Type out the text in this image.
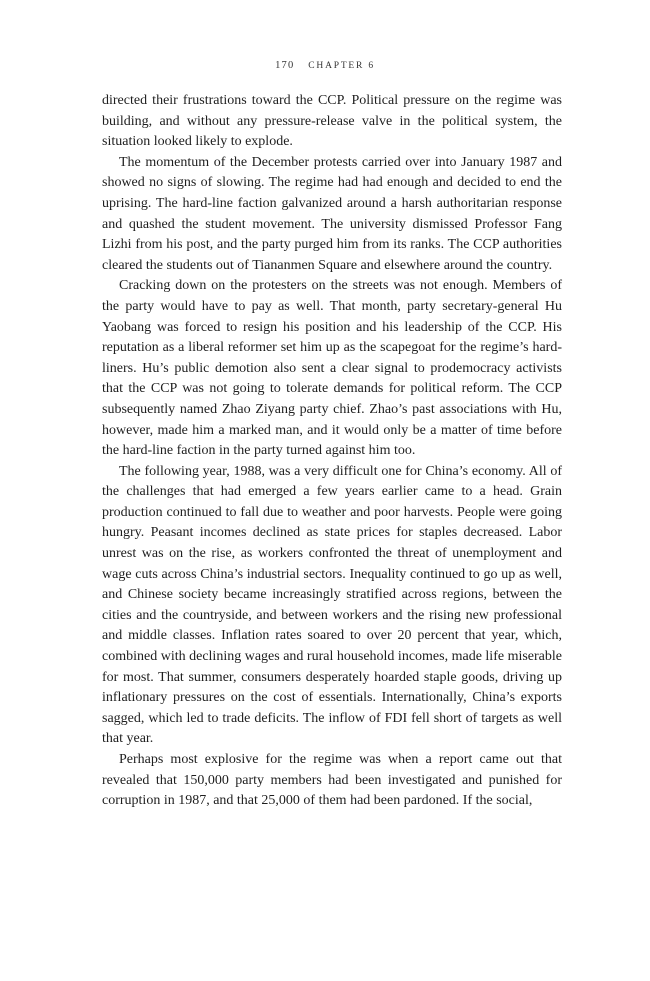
170 CHAPTER 6

directed their frustrations toward the CCP. Political pressure on the regime was building, and without any pressure-release valve in the political system, the situation looked likely to explode.

The momentum of the December protests carried over into January 1987 and showed no signs of slowing. The regime had had enough and decided to end the uprising. The hard-line faction galvanized around a harsh authoritarian response and quashed the student movement. The university dismissed Professor Fang Lizhi from his post, and the party purged him from its ranks. The CCP authorities cleared the students out of Tiananmen Square and elsewhere around the country.

Cracking down on the protesters on the streets was not enough. Members of the party would have to pay as well. That month, party secretary-general Hu Yaobang was forced to resign his position and his leadership of the CCP. His reputation as a liberal reformer set him up as the scapegoat for the regime’s hard-liners. Hu’s public demotion also sent a clear signal to prodemocracy activists that the CCP was not going to tolerate demands for political reform. The CCP subsequently named Zhao Ziyang party chief. Zhao’s past associations with Hu, however, made him a marked man, and it would only be a matter of time before the hard-line faction in the party turned against him too.

The following year, 1988, was a very difficult one for China’s economy. All of the challenges that had emerged a few years earlier came to a head. Grain production continued to fall due to weather and poor harvests. People were going hungry. Peasant incomes declined as state prices for staples decreased. Labor unrest was on the rise, as workers confronted the threat of unemployment and wage cuts across China’s industrial sectors. Inequality continued to go up as well, and Chinese society became increasingly stratified across regions, between the cities and the countryside, and between workers and the rising new professional and middle classes. Inflation rates soared to over 20 percent that year, which, combined with declining wages and rural household incomes, made life miserable for most. That summer, consumers desperately hoarded staple goods, driving up inflationary pressures on the cost of essentials. Internationally, China’s exports sagged, which led to trade deficits. The inflow of FDI fell short of targets as well that year.

Perhaps most explosive for the regime was when a report came out that revealed that 150,000 party members had been investigated and punished for corruption in 1987, and that 25,000 of them had been pardoned. If the social,
